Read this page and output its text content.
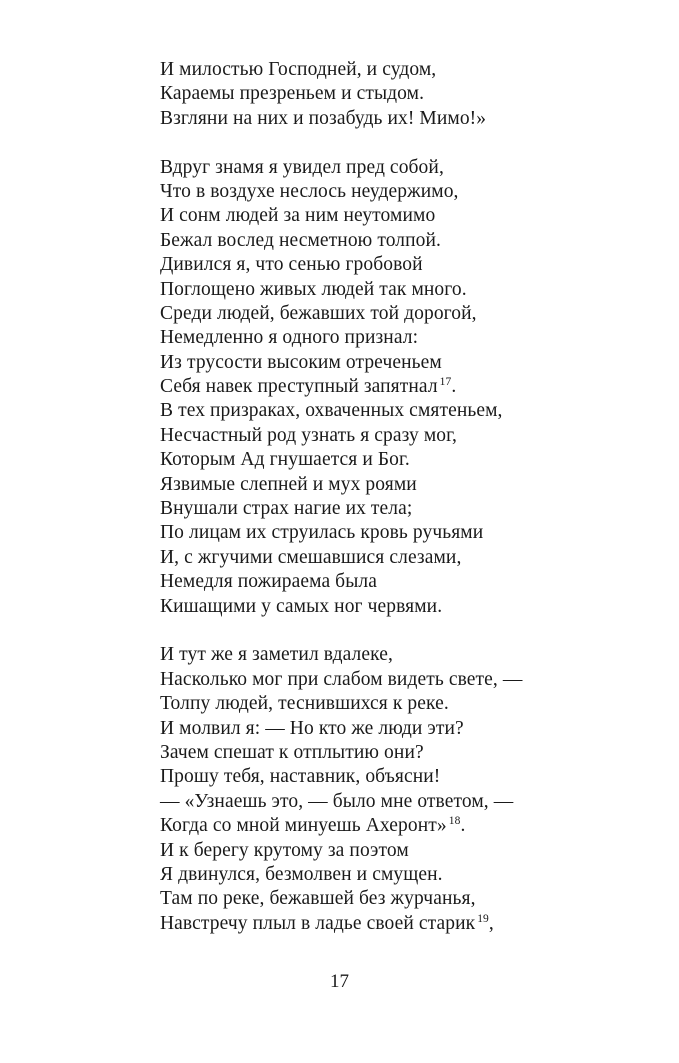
И милостью Господней, и судом,
Караемы презреньем и стыдом.
Взгляни на них и позабудь их! Мимо!»
Вдруг знамя я увидел пред собой,
Что в воздухе неслось неудержимо,
И сонм людей за ним неутомимо
Бежал вослед несметною толпой.
Дивился я, что сенью гробовой
Поглощено живых людей так много.
Среди людей, бежавших той дорогой,
Немедленно я одного признал:
Из трусости высоким отреченьем
Себя навек преступный запятнал $^{17}$.
В тех призраках, охваченных смятеньем,
Несчастный род узнать я сразу мог,
Которым Ад гнушается и Бог.
Язвимые слепней и мух роями
Внушали страх нагие их тела;
По лицам их струилась кровь ручьями
И, с жгучими смешавшися слезами,
Немедля пожираема была
Кишащими у самых ног червями.
И тут же я заметил вдалеке,
Насколько мог при слабом видеть свете, —
Толпу людей, теснившихся к реке.
И молвил я: — Но кто же люди эти?
Зачем спешат к отплытию они?
Прошу тебя, наставник, объясни!
— «Узнаешь это, — было мне ответом, —
Когда со мной минуешь Ахеронт» $^{18}$.
И к берегу крутому за поэтом
Я двинулся, безмолвен и смущен.
Там по реке, бежавшей без журчанья,
Навстречу плыл в ладье своей старик $^{19}$,
17
